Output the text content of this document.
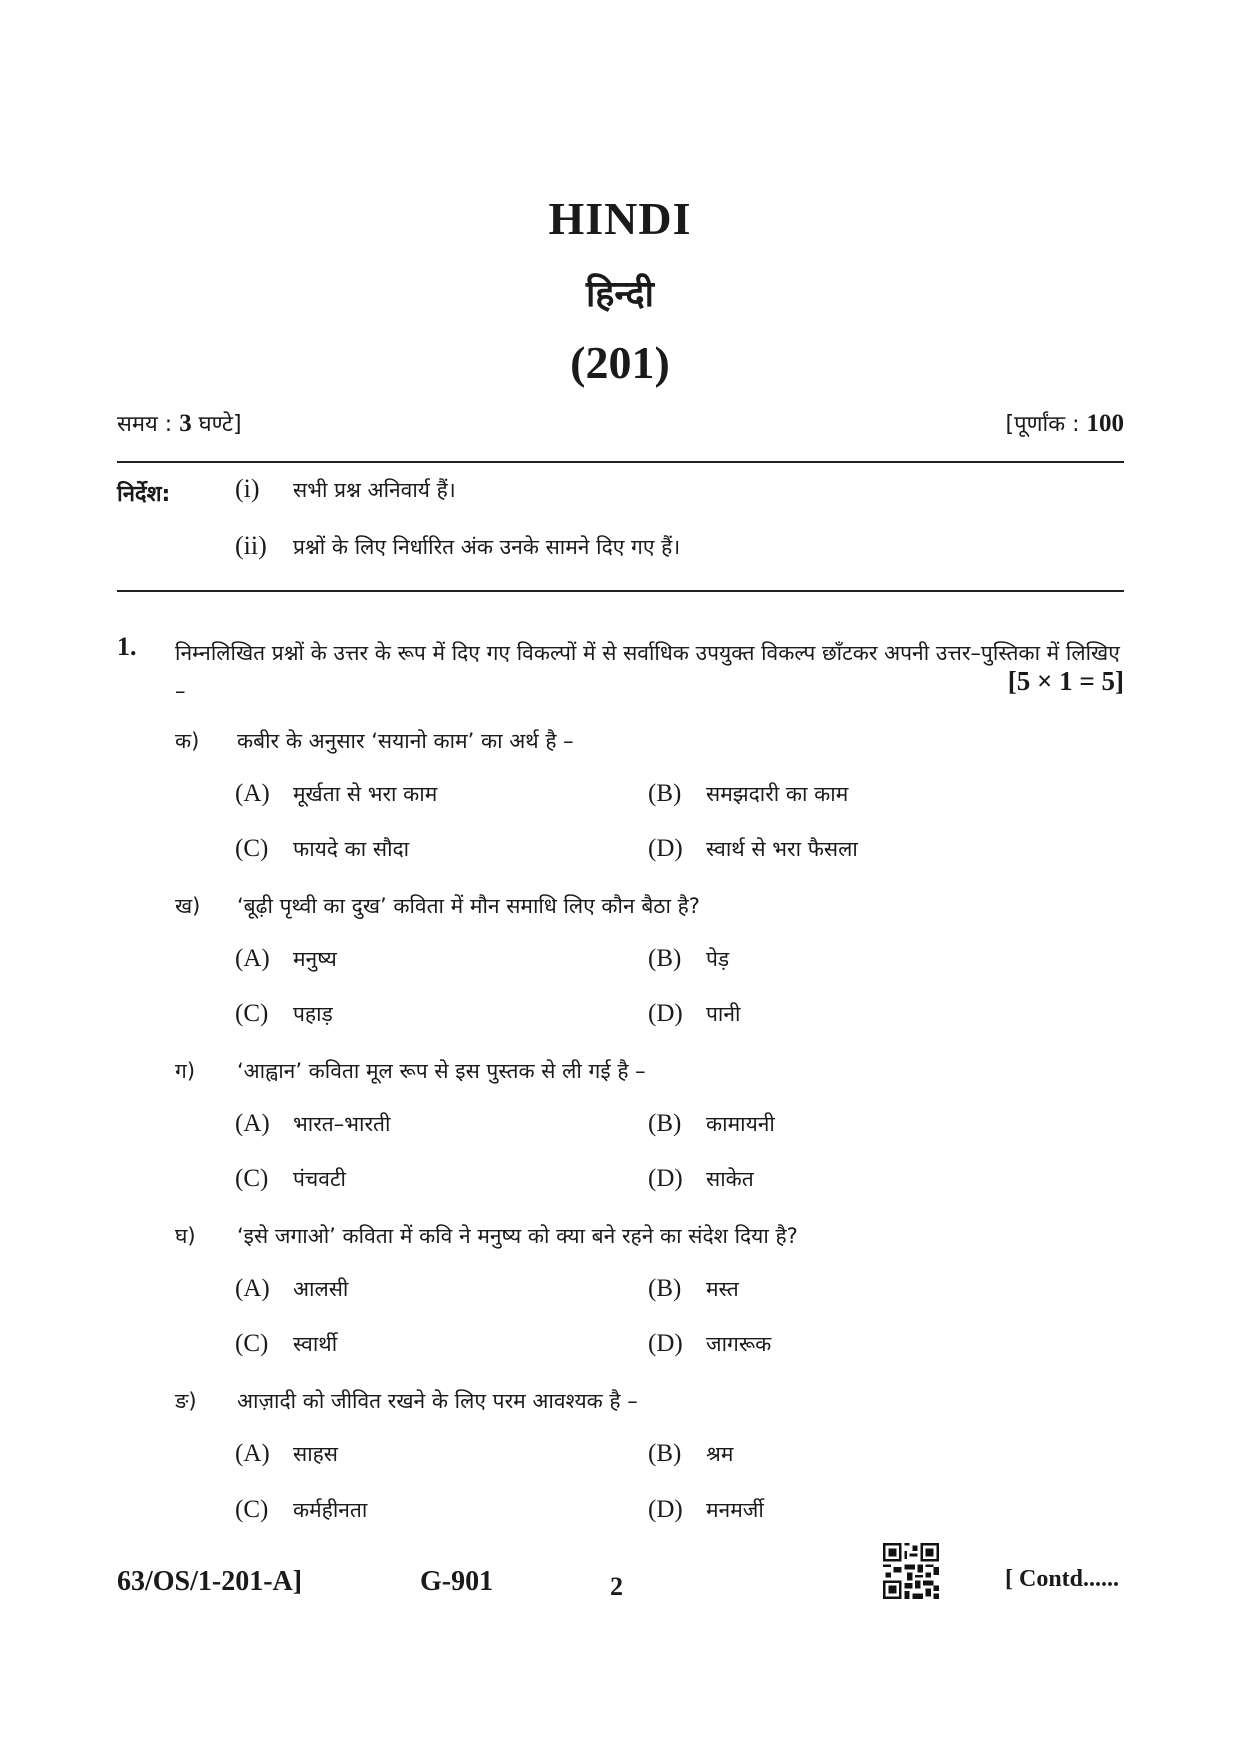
HINDI
हिन्दी
(201)
समय : 3 घण्टे]	[पूर्णांक : 100
निर्देश: (i) सभी प्रश्न अनिवार्य हैं।
(ii) प्रश्नों के लिए निर्धारित अंक उनके सामने दिए गए हैं।
1. निम्नलिखित प्रश्नों के उत्तर के रूप में दिए गए विकल्पों में से सर्वाधिक उपयुक्त विकल्प छाँटकर अपनी उत्तर–पुस्तिका में लिखिए –	[5 × 1 = 5]
क) कबीर के अनुसार ‘सयानो काम’ का अर्थ है –
(A) मूर्खता से भरा काम	(B) समझदारी का काम
(C) फायदे का सौदा	(D) स्वार्थ से भरा फैसला
ख) ‘बूढ़ी पृथ्वी का दुख’ कविता में मौन समाधि लिए कौन बैठा है?
(A) मनुष्य	(B) पेड़
(C) पहाड़	(D) पानी
ग) ‘आह्वान’ कविता मूल रूप से इस पुस्तक से ली गई है –
(A) भारत–भारती	(B) कामायनी
(C) पंचवटी	(D) साकेत
घ) ‘इसे जगाओ’ कविता में कवि ने मनुष्य को क्या बने रहने का संदेश दिया है?
(A) आलसी	(B) मस्त
(C) स्वार्थी	(D) जागरूक
ङ) आज़ादी को जीवित रखने के लिए परम आवश्यक है –
(A) साहस	(B) श्रम
(C) कर्महीनता	(D) मनमर्जी
63/OS/1-201-A]	G-901	2	[ Contd......
